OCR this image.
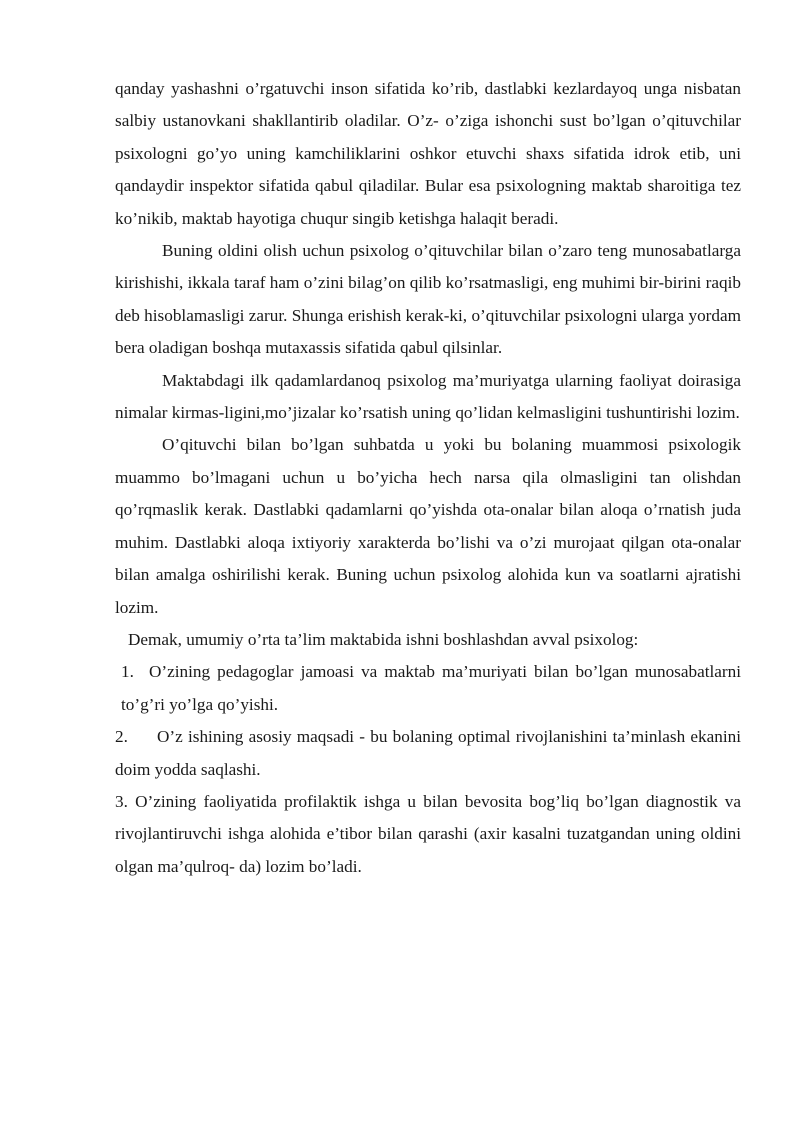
qanday yashashni o’rgatuvchi inson sifatida ko’rib, dastlabki kezlardayoq unga nisbatan salbiy ustanovkani shakllantirib oladilar. O’z- o’ziga ishonchi sust bo’lgan o’qituvchilar psixologni go’yo uning kamchiliklarini oshkor etuvchi shaxs sifatida idrok etib, uni qandaydir inspektor sifatida qabul qiladilar. Bular esa psixologning maktab sharoitiga tez ko’nikib, maktab hayotiga chuqur singib ketishga halaqit beradi.

Buning oldini olish uchun psixolog o’qituvchilar bilan o’zaro teng munosabatlarga kirishishi, ikkala taraf ham o’zini bilag’on qilib ko’rsatmasligi, eng muhimi bir-birini raqib deb hisoblamasligi zarur. Shunga erishish kerak-ki, o’qituvchilar psixologni ularga yordam bera oladigan boshqa mutaxassis sifatida qabul qilsinlar.

Maktabdagi ilk qadamlardanoq psixolog ma’muriyatga ularning faoliyat doirasiga nimalar kirmas-ligini,mo’jizalar ko’rsatish uning qo’lidan kelmasligini tushuntirishi lozim.

O’qituvchi bilan bo’lgan suhbatda u yoki bu bolaning muammosi psixologik muammo bo’lmagani uchun u bo’yicha hech narsa qila olmasligini tan olishdan qo’rqmaslik kerak. Dastlabki qadamlarni qo’yishda ota-onalar bilan aloqa o’rnatish juda muhim. Dastlabki aloqa ixtiyoriy xarakterda bo’lishi va o’zi murojaat qilgan ota-onalar bilan amalga oshirilishi kerak. Buning uchun psixolog alohida kun va soatlarni ajratishi lozim.

Demak, umumiy o’rta ta’lim maktabida ishni boshlashdan avval psixolog:

1. O’zining pedagoglar jamoasi va maktab ma’muriyati bilan bo’lgan munosabatlarni to’g’ri yo’lga qo’yishi.

2. O’z ishining asosiy maqsadi - bu bolaning optimal rivojlanishini ta’minlash ekanini doim yodda saqlashi.

3. O’zining faoliyatida profilaktik ishga u bilan bevosita bog’liq bo’lgan diagnostik va rivojlantiruvchi ishga alohida e’tibor bilan qarashi (axir kasalni tuzatgandan uning oldini olgan ma’qulroq- da) lozim bo’ladi.
